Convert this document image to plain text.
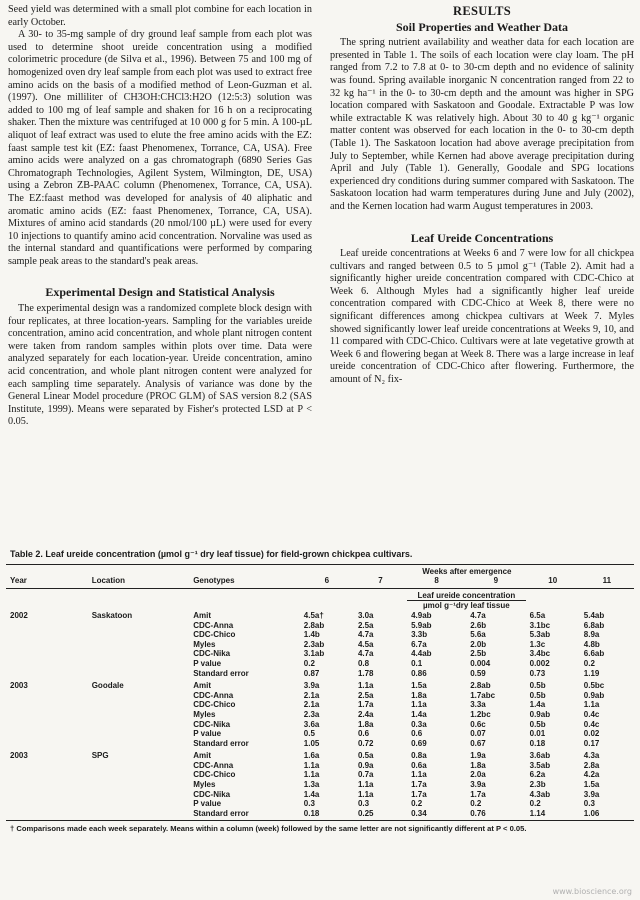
Seed yield was determined with a small plot combine for each location in early October.

A 30- to 35-mg sample of dry ground leaf sample from each plot was used to determine shoot ureide concentration using a modified colorimetric procedure (de Silva et al., 1996). Between 75 and 100 mg of homogenized oven dry leaf sample from each plot was used to extract free amino acids on the basis of a modified method of Leon-Guzman et al. (1997). One milliliter of CH3OH:CHCl3:H2O (12:5:3) solution was added to 100 mg of leaf sample and shaken for 16 h on a reciprocating shaker. Then the mixture was centrifuged at 10 000 g for 5 min. A 100-µL aliquot of leaf extract was used to elute the free amino acids with the EZ: faast sample test kit (EZ: faast Phenomenex, Torrance, CA, USA). Free amino acids were analyzed on a gas chromatograph (6890 Series Gas Chromatograph Technologies, Agilent System, Wilmington, DE, USA) using a Zebron ZB-PAAC column (Phenomenex, Torrance, CA, USA). The EZ:faast method was developed for analysis of 40 aliphatic and aromatic amino acids (EZ: faast Phenomenex, Torrance, CA, USA). Mixtures of amino acid standards (20 nmol/100 µL) were used for every 10 injections to quantify amino acid concentration. Norvaline was used as the internal standard and quantifications were performed by comparing sample peak areas to the standard's peak areas.

Experimental Design and Statistical Analysis

The experimental design was a randomized complete block design with four replicates, at three location-years. Sampling for the variables ureide concentration, amino acid concentration, and whole plant nitrogen content were taken from random samples within plots over time. Data were analyzed separately for each location-year. Ureide concentration, amino acid concentration, and whole plant nitrogen content were analyzed for each sampling time separately. Analysis of variance was done by the General Linear Model procedure (PROC GLM) of SAS version 8.2 (SAS Institute, 1999). Means were separated by Fisher's protected LSD at P < 0.05.

RESULTS
Soil Properties and Weather Data

The spring nutrient availability and weather data for each location are presented in Table 1. The soils of each location were clay loam. The pH ranged from 7.2 to 7.8 at 0- to 30-cm depth and no evidence of salinity was found. Spring available inorganic N concentration ranged from 22 to 32 kg ha⁻¹ in the 0- to 30-cm depth and the amount was higher in SPG location compared with Saskatoon and Goodale. Extractable P was low while extractable K was relatively high. About 30 to 40 g kg⁻¹ organic matter content was observed for each location in the 0- to 30-cm depth (Table 1). The Saskatoon location had above average precipitation from July to September, while Kernen had above average precipitation during April and July (Table 1). Generally, Goodale and SPG locations experienced dry conditions during summer compared with Saskatoon. The Saskatoon location had warm temperatures during June and July (2002), and the Kernen location had warm August temperatures in 2003.

Leaf Ureide Concentrations

Leaf ureide concentrations at Weeks 6 and 7 were low for all chickpea cultivars and ranged between 0.5 to 5 µmol g⁻¹ (Table 2). Amit had a significantly higher ureide concentration compared with CDC-Chico at Week 6. Although Myles had a significantly higher leaf ureide concentration compared with CDC-Chico at Week 8, there were no significant differences among chickpea cultivars at Week 7. Myles showed significantly lower leaf ureide concentrations at Weeks 9, 10, and 11 compared with CDC-Chico. Cultivars were at late vegetative growth at Week 6 and flowering began at Week 8. There was a large increase in leaf ureide concentration of CDC-Chico after flowering. Furthermore, the amount of N₂ fix-

Table 2. Leaf ureide concentration (µmol g⁻¹ dry leaf tissue) for field-grown chickpea cultivars.
			Weeks after emergence					
Year	Location	Genotypes	6	7	8	9	10	11

					Leaf ureide concentration			
					µmol g⁻¹dry leaf tissue			
2002	Saskatoon	Amit	4.5a†	3.0a	4.9ab	4.7a	6.5a	5.4ab
		CDC-Anna	2.8ab	2.5a	5.9ab	2.6b	3.1bc	6.8ab
		CDC-Chico	1.4b	4.7a	3.3b	5.6a	5.3ab	8.9a
		Myles	2.3ab	4.5a	6.7a	2.0b	1.3c	4.8b
		CDC-Nika	3.1ab	4.7a	4.4ab	2.5b	3.4bc	6.6ab
		P value	0.2	0.8	0.1	0.004	0.002	0.2
		Standard error	0.87	1.78	0.86	0.59	0.73	1.19

2003	Goodale	Amit	3.9a	1.1a	1.5a	2.8ab	0.5b	0.5bc
		CDC-Anna	2.1a	2.5a	1.8a	1.7abc	0.5b	0.9ab
		CDC-Chico	2.1a	1.7a	1.1a	3.3a	1.4a	1.1a
		Myles	2.3a	2.4a	1.4a	1.2bc	0.9ab	0.4c
		CDC-Nika	3.6a	1.8a	0.3a	0.6c	0.5b	0.4c
		P value	0.5	0.6	0.6	0.07	0.01	0.02
		Standard error	1.05	0.72	0.69	0.67	0.18	0.17

2003	SPG	Amit	1.6a	0.5a	0.8a	1.9a	3.6ab	4.3a
		CDC-Anna	1.1a	0.9a	0.6a	1.8a	3.5ab	2.8a
		CDC-Chico	1.1a	0.7a	1.1a	2.0a	6.2a	4.2a
		Myles	1.3a	1.1a	1.7a	3.9a	2.3b	1.5a
		CDC-Nika	1.4a	1.1a	1.7a	1.7a	4.3ab	3.9a
		P value	0.3	0.3	0.2	0.2	0.2	0.3
		Standard error	0.18	0.25	0.34	0.76	1.14	1.06
† Comparisons made each week separately. Means within a column (week) followed by the same letter are not significantly different at P < 0.05.
www.bioscience.org
